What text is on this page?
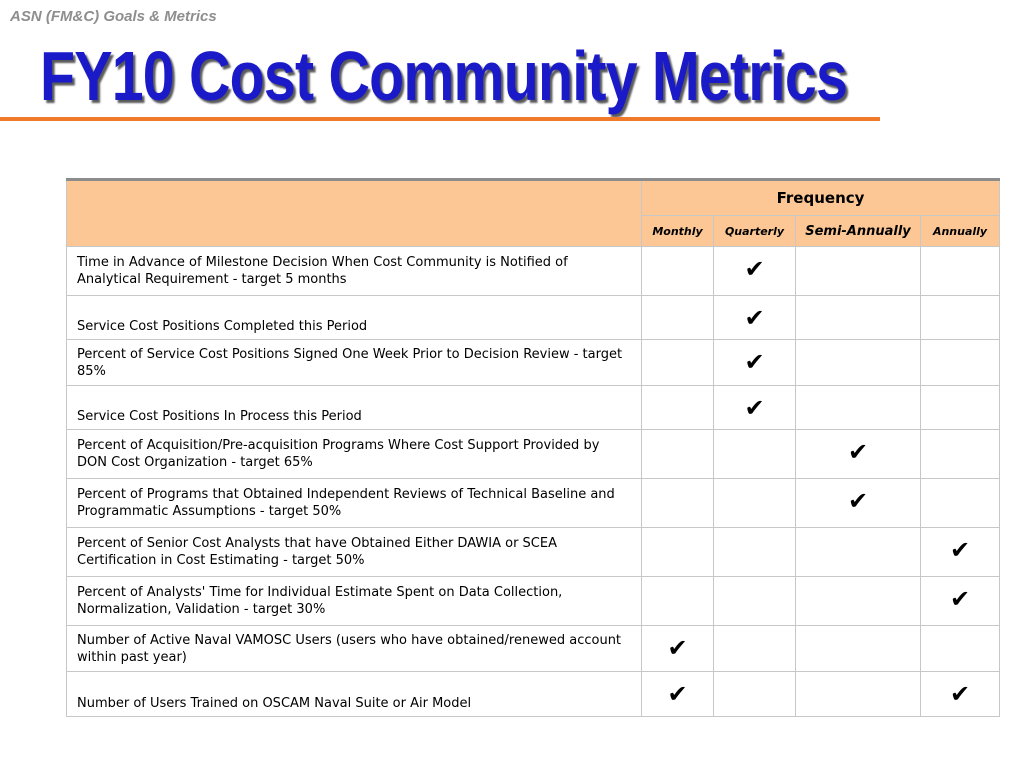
ASN (FM&C) Goals & Metrics
FY10 Cost Community Metrics
	Frequency			
	Monthly	Quarterly	Semi-Annually	Annually
Time in Advance of Milestone Decision When Cost Community is Notified of Analytical Requirement - target 5 months		✔		
Service Cost Positions Completed this Period		✔		
Percent of Service Cost Positions Signed One Week Prior to Decision Review - target 85%		✔		
Service Cost Positions In Process this Period		✔		
Percent of Acquisition/Pre-acquisition Programs Where Cost Support Provided by DON Cost Organization - target 65%			✔	
Percent of Programs that Obtained Independent Reviews of Technical Baseline and Programmatic Assumptions - target 50%			✔	
Percent of Senior Cost Analysts that have Obtained Either DAWIA or SCEA Certification in Cost Estimating - target 50%				✔
Percent of Analysts' Time for Individual Estimate Spent on Data Collection, Normalization, Validation - target 30%				✔
Number of Active Naval VAMOSC Users (users who have obtained/renewed account within past year)	✔			
Number of Users Trained on OSCAM Naval Suite or Air Model	✔			✔
